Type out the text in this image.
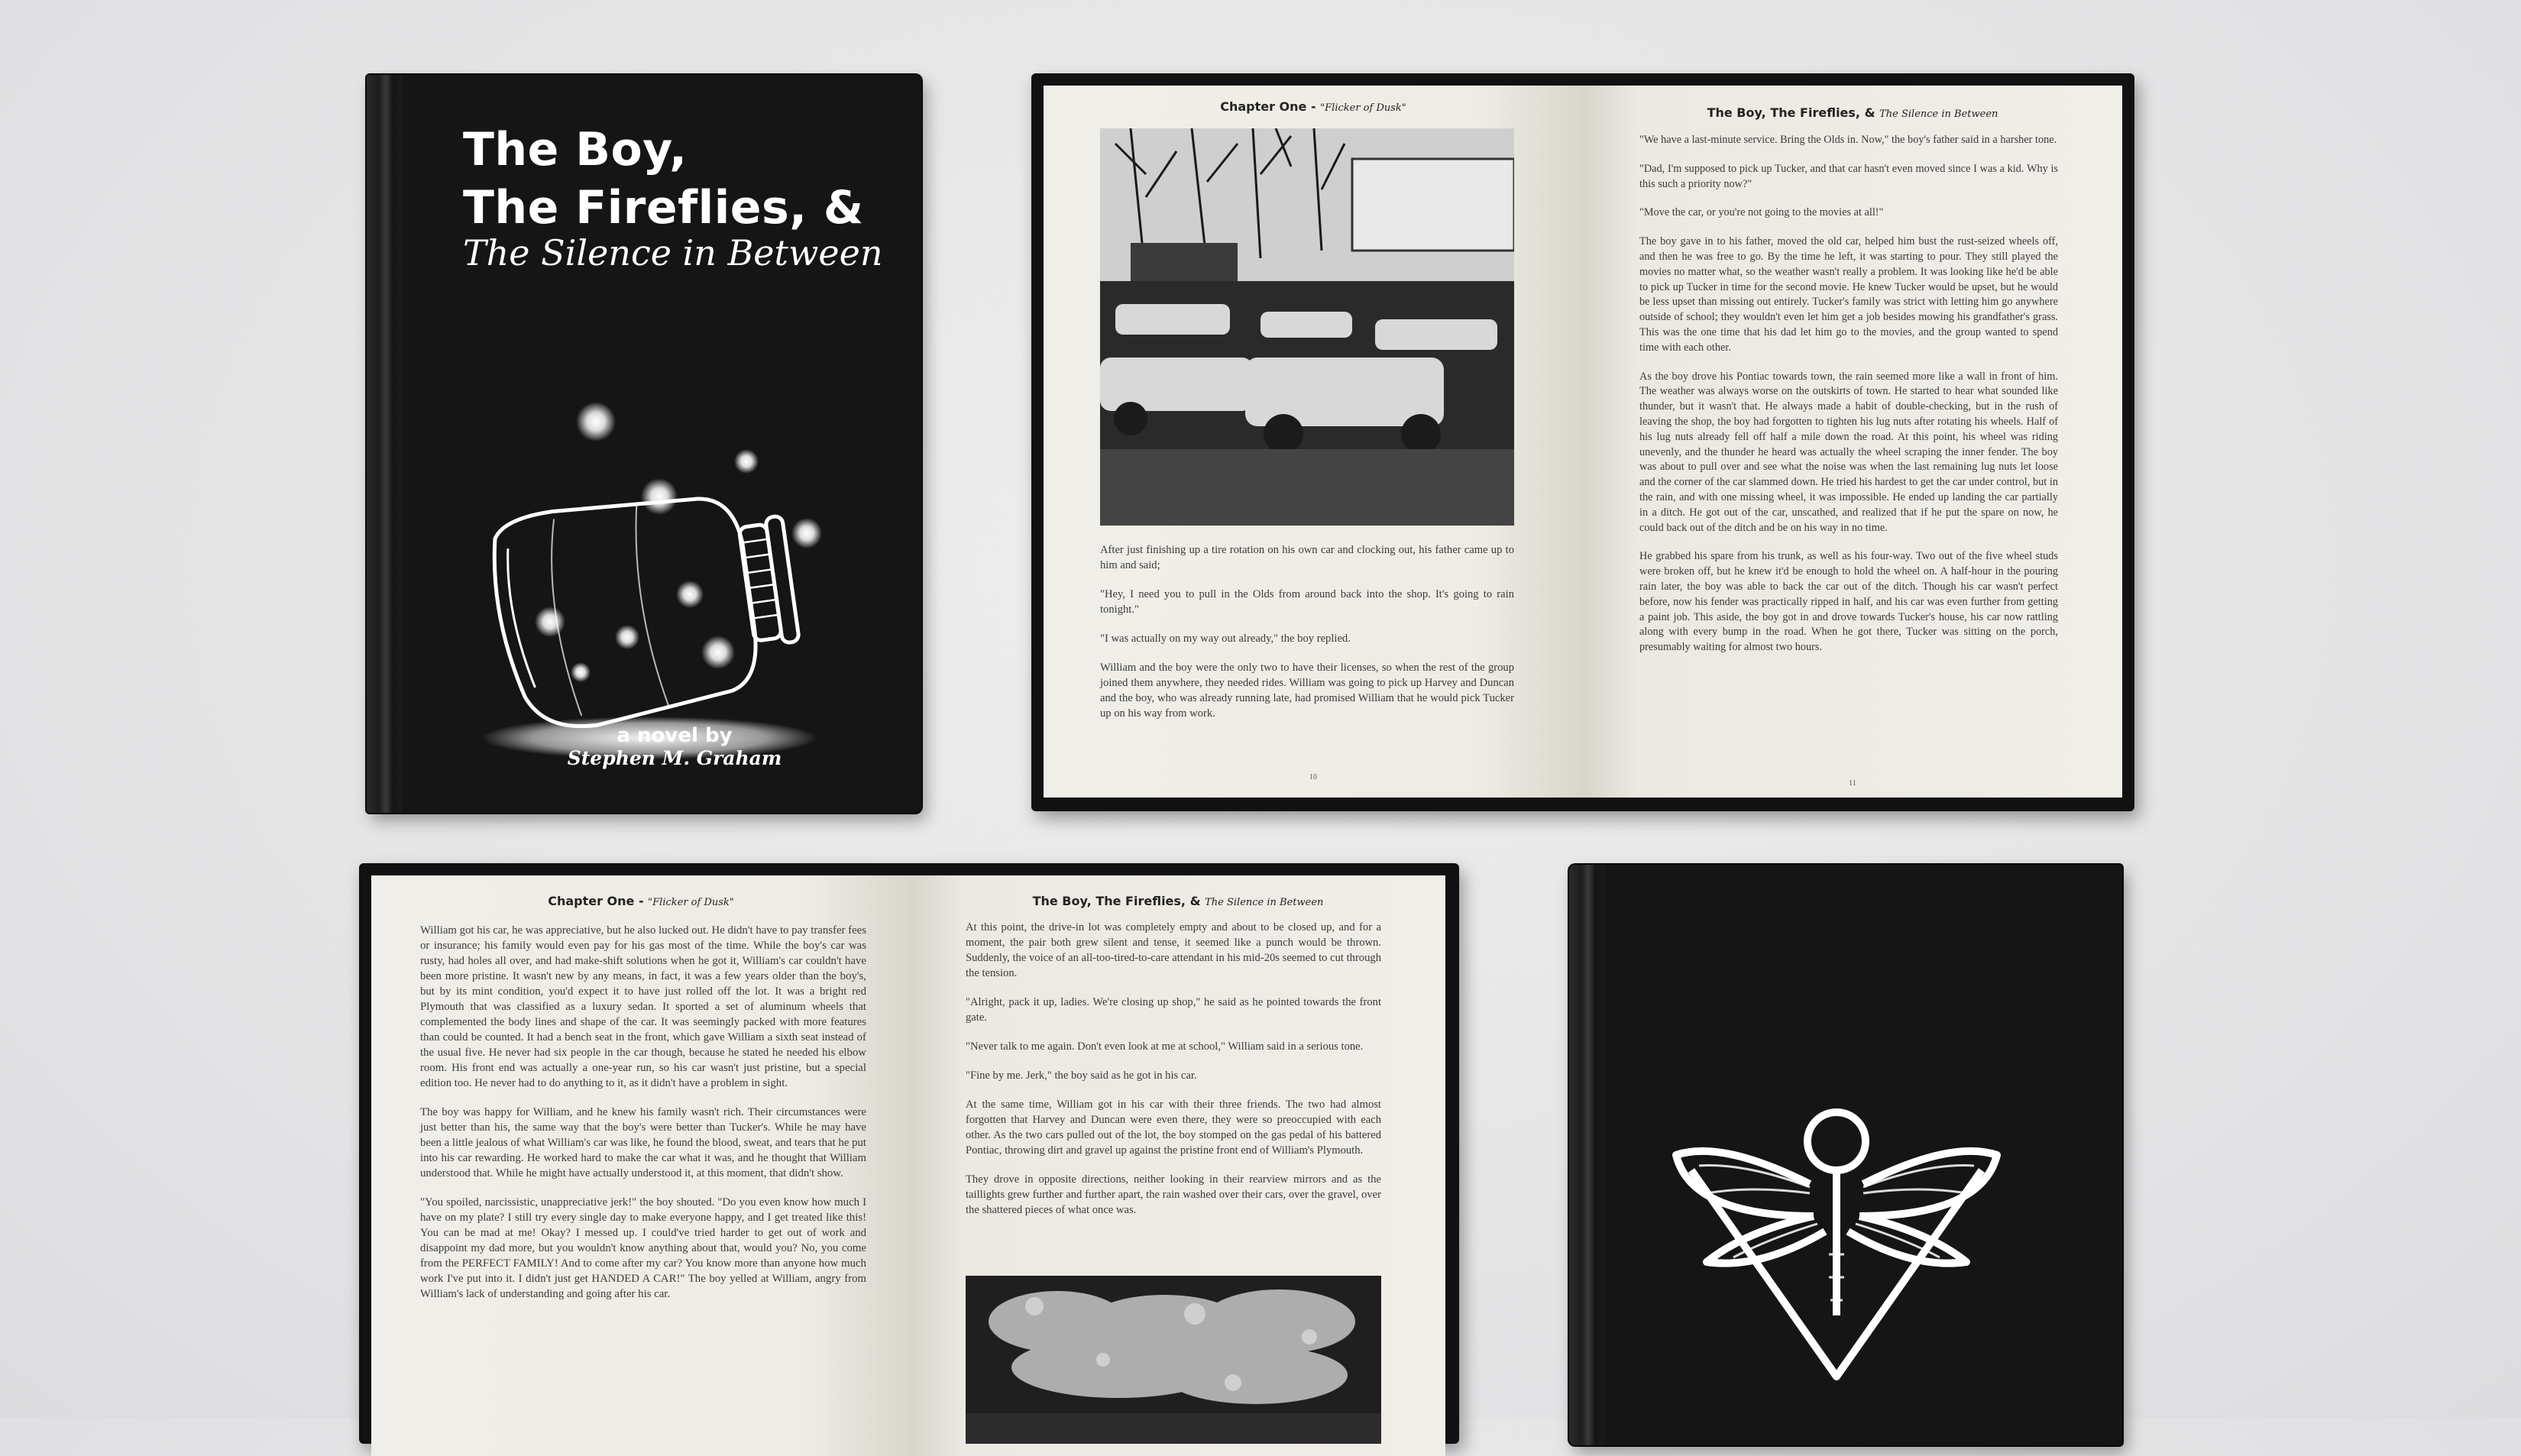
The Boy,
The Fireflies, &
The Silence in Between
a novel by
Stephen M. Graham
Chapter One - "Flicker of Dusk"

After just finishing up a tire rotation on his own car and clocking out, his father came up to him and said;

"Hey, I need you to pull in the Olds from around back into the shop. It's going to rain tonight."

"I was actually on my way out already," the boy replied.

William and the boy were the only two to have their licenses, so when the rest of the group joined them anywhere, they needed rides. William was going to pick up Harvey and Duncan and the boy, who was already running late, had promised William that he would pick Tucker up on his way from work.

10
The Boy, The Fireflies, & The Silence in Between

"We have a last-minute service. Bring the Olds in. Now," the boy's father said in a harsher tone.

"Dad, I'm supposed to pick up Tucker, and that car hasn't even moved since I was a kid. Why is this such a priority now?"

"Move the car, or you're not going to the movies at all!"

The boy gave in to his father, moved the old car, helped him bust the rust-seized wheels off, and then he was free to go. By the time he left, it was starting to pour. They still played the movies no matter what, so the weather wasn't really a problem. It was looking like he'd be able to pick up Tucker in time for the second movie. He knew Tucker would be upset, but he would be less upset than missing out entirely. Tucker's family was strict with letting him go anywhere outside of school; they wouldn't even let him get a job besides mowing his grandfather's grass. This was the one time that his dad let him go to the movies, and the group wanted to spend time with each other.

As the boy drove his Pontiac towards town, the rain seemed more like a wall in front of him. The weather was always worse on the outskirts of town. He started to hear what sounded like thunder, but it wasn't that. He always made a habit of double-checking, but in the rush of leaving the shop, the boy had forgotten to tighten his lug nuts after rotating his wheels. Half of his lug nuts already fell off half a mile down the road. At this point, his wheel was riding unevenly, and the thunder he heard was actually the wheel scraping the inner fender. The boy was about to pull over and see what the noise was when the last remaining lug nuts let loose and the corner of the car slammed down. He tried his hardest to get the car under control, but in the rain, and with one missing wheel, it was impossible. He ended up landing the car partially in a ditch. He got out of the car, unscathed, and realized that if he put the spare on now, he could back out of the ditch and be on his way in no time.

He grabbed his spare from his trunk, as well as his four-way. Two out of the five wheel studs were broken off, but he knew it'd be enough to hold the wheel on. A half-hour in the pouring rain later, the boy was able to back the car out of the ditch. Though his car wasn't perfect before, now his fender was practically ripped in half, and his car was even further from getting a paint job. This aside, the boy got in and drove towards Tucker's house, his car now rattling along with every bump in the road. When he got there, Tucker was sitting on the porch, presumably waiting for almost two hours.

11
Chapter One - "Flicker of Dusk"

William got his car, he was appreciative, but he also lucked out. He didn't have to pay transfer fees or insurance; his family would even pay for his gas most of the time. While the boy's car was rusty, had holes all over, and had make-shift solutions when he got it, William's car couldn't have been more pristine. It wasn't new by any means, in fact, it was a few years older than the boy's, but by its mint condition, you'd expect it to have just rolled off the lot. It was a bright red Plymouth that was classified as a luxury sedan. It sported a set of aluminum wheels that complemented the body lines and shape of the car. It was seemingly packed with more features than could be counted. It had a bench seat in the front, which gave William a sixth seat instead of the usual five. He never had six people in the car though, because he stated he needed his elbow room. His front end was actually a one-year run, so his car wasn't just pristine, but a special edition too. He never had to do anything to it, as it didn't have a problem in sight.

The boy was happy for William, and he knew his family wasn't rich. Their circumstances were just better than his, the same way that the boy's were better than Tucker's. While he may have been a little jealous of what William's car was like, he found the blood, sweat, and tears that he put into his car rewarding. He worked hard to make the car what it was, and he thought that William understood that. While he might have actually understood it, at this moment, that didn't show.

"You spoiled, narcissistic, unappreciative jerk!" the boy shouted. "Do you even know how much I have on my plate? I still try every single day to make everyone happy, and I get treated like this! You can be mad at me! Okay? I messed up. I could've tried harder to get out of work and disappoint my dad more, but you wouldn't know anything about that, would you? No, you come from the PERFECT FAMILY! And to come after my car? You know more than anyone how much work I've put into it. I didn't just get HANDED A CAR!" The boy yelled at William, angry from William's lack of understanding and going after his car.

The Boy, The Fireflies, & The Silence in Between

At this point, the drive-in lot was completely empty and about to be closed up, and for a moment, the pair both grew silent and tense, it seemed like a punch would be thrown. Suddenly, the voice of an all-too-tired-to-care attendant in his mid-20s seemed to cut through the tension.

"Alright, pack it up, ladies. We're closing up shop," he said as he pointed towards the front gate.

"Never talk to me again. Don't even look at me at school," William said in a serious tone.

"Fine by me. Jerk," the boy said as he got in his car.

At the same time, William got in his car with their three friends. The two had almost forgotten that Harvey and Duncan were even there, they were so preoccupied with each other. As the two cars pulled out of the lot, the boy stomped on the gas pedal of his battered Pontiac, throwing dirt and gravel up against the pristine front end of William's Plymouth.

They drove in opposite directions, neither looking in their rearview mirrors and as the taillights grew further and further apart, the rain washed over their cars, over the gravel, over the shattered pieces of what once was.
